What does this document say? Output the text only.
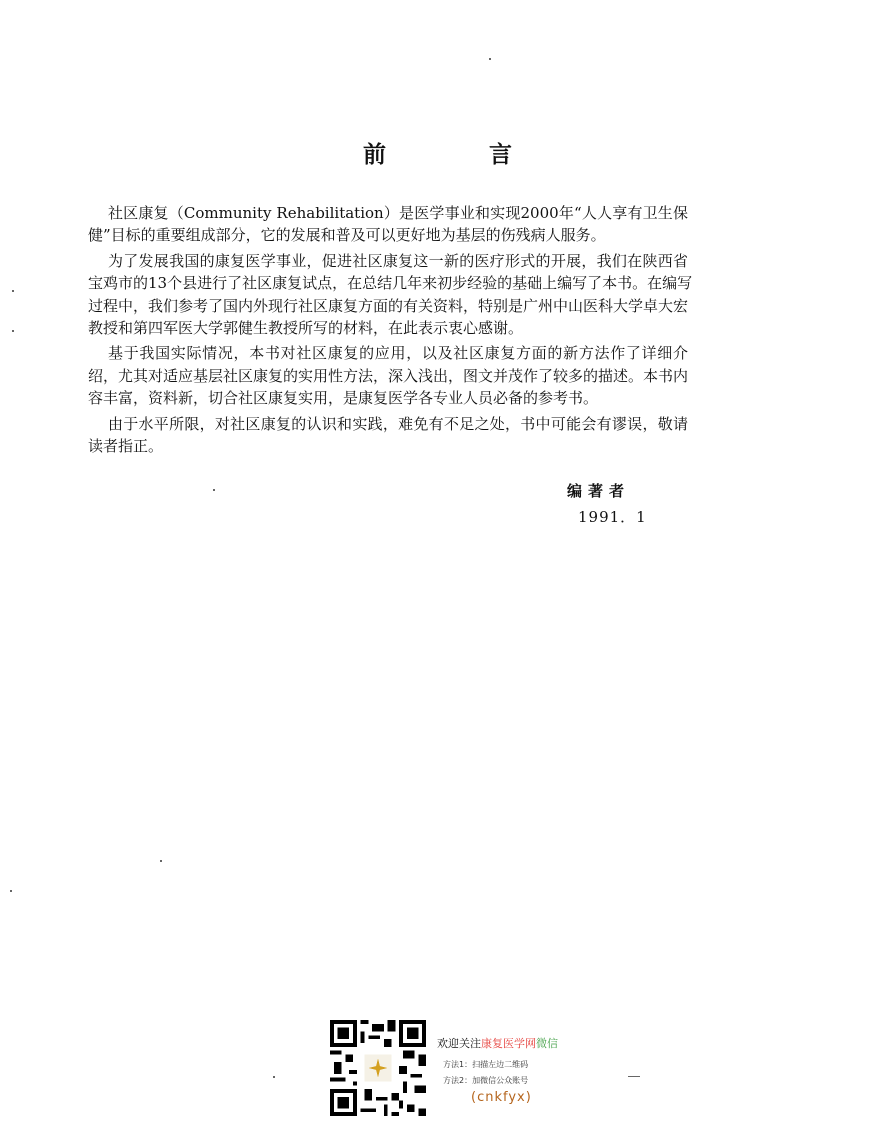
前　言
社区康复（Community Rehabilitation）是医学事业和实现2000年“人人享有卫生保
健”目标的重要组成部分，它的发展和普及可以更好地为基层的伤残病人服务。
为了发展我国的康复医学事业，促进社区康复这一新的医疗形式的开展，我们在陕西省
宝鸡市的13个县进行了社区康复试点，在总结几年来初步经验的基础上编写了本书。在编写
过程中，我们参考了国内外现行社区康复方面的有关资料，特别是广州中山医科大学卓大宏
教授和第四军医大学郭健生教授所写的材料，在此表示衷心感谢。
基于我国实际情况，本书对社区康复的应用，以及社区康复方面的新方法作了详细介
绍，尤其对适应基层社区康复的实用性方法，深入浅出，图文并茂作了较多的描述。本书内
容丰富，资料新，切合社区康复实用，是康复医学各专业人员必备的参考书。
由于水平所限，对社区康复的认识和实践，难免有不足之处，书中可能会有谬误，敬请
读者指正。
编著者
1991．1
欢迎关注康复医学网微信
方法1：扫描左边二维码
方法2：加微信公众账号
(cnkfyx)
